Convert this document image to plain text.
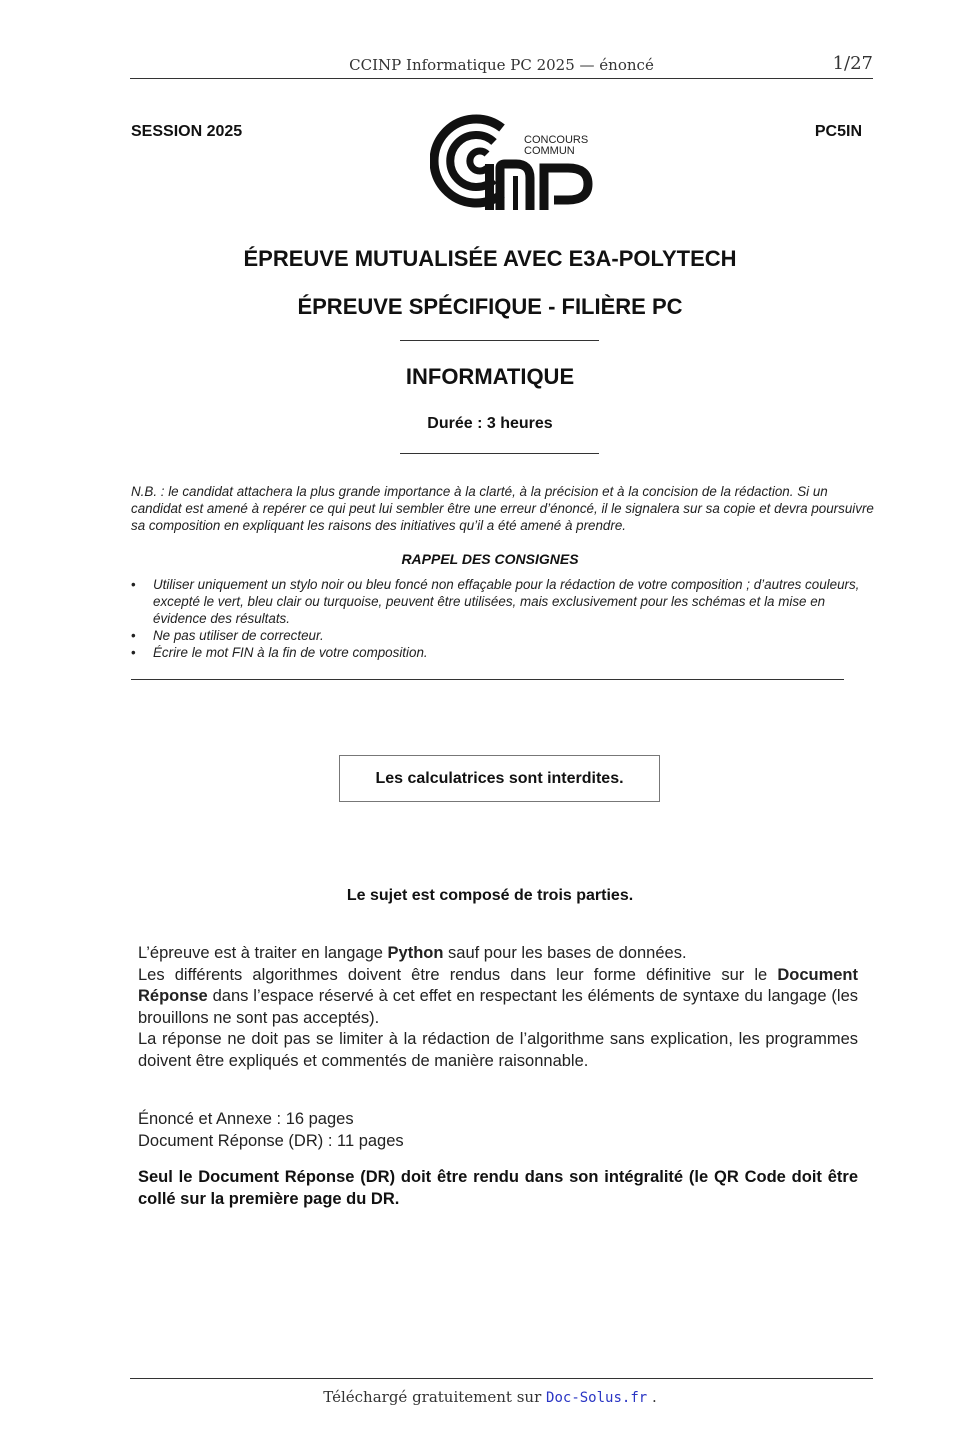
CCINP Informatique PC 2025 — énoncé	1/27
SESSION 2025	PC5IN
CONCOURS
COMMUN
ÉPREUVE MUTUALISÉE AVEC E3A-POLYTECH
ÉPREUVE SPÉCIFIQUE - FILIÈRE PC
INFORMATIQUE
Durée : 3 heures
N.B. : le candidat attachera la plus grande importance à la clarté, à la précision et à la concision de la rédaction. Si un candidat est amené à repérer ce qui peut lui sembler être une erreur d’énoncé, il le signalera sur sa copie et devra poursuivre sa composition en expliquant les raisons des initiatives qu’il a été amené à prendre.
RAPPEL DES CONSIGNES
• Utiliser uniquement un stylo noir ou bleu foncé non effaçable pour la rédaction de votre composition ; d’autres couleurs, excepté le vert, bleu clair ou turquoise, peuvent être utilisées, mais exclusivement pour les schémas et la mise en évidence des résultats.
• Ne pas utiliser de correcteur.
• Écrire le mot FIN à la fin de votre composition.
Les calculatrices sont interdites.
Le sujet est composé de trois parties.

L’épreuve est à traiter en langage Python sauf pour les bases de données.

Les différents algorithmes doivent être rendus dans leur forme définitive sur le Document Réponse dans l’espace réservé à cet effet en respectant les éléments de syntaxe du langage (les brouillons ne sont pas acceptés).

La réponse ne doit pas se limiter à la rédaction de l’algorithme sans explication, les programmes doivent être expliqués et commentés de manière raisonnable.

Énoncé et Annexe : 16 pages
Document Réponse (DR) : 11 pages
Seul le Document Réponse (DR) doit être rendu dans son intégralité (le QR Code doit être collé sur la première page du DR.
Téléchargé gratuitement sur Doc-Solus.fr .
